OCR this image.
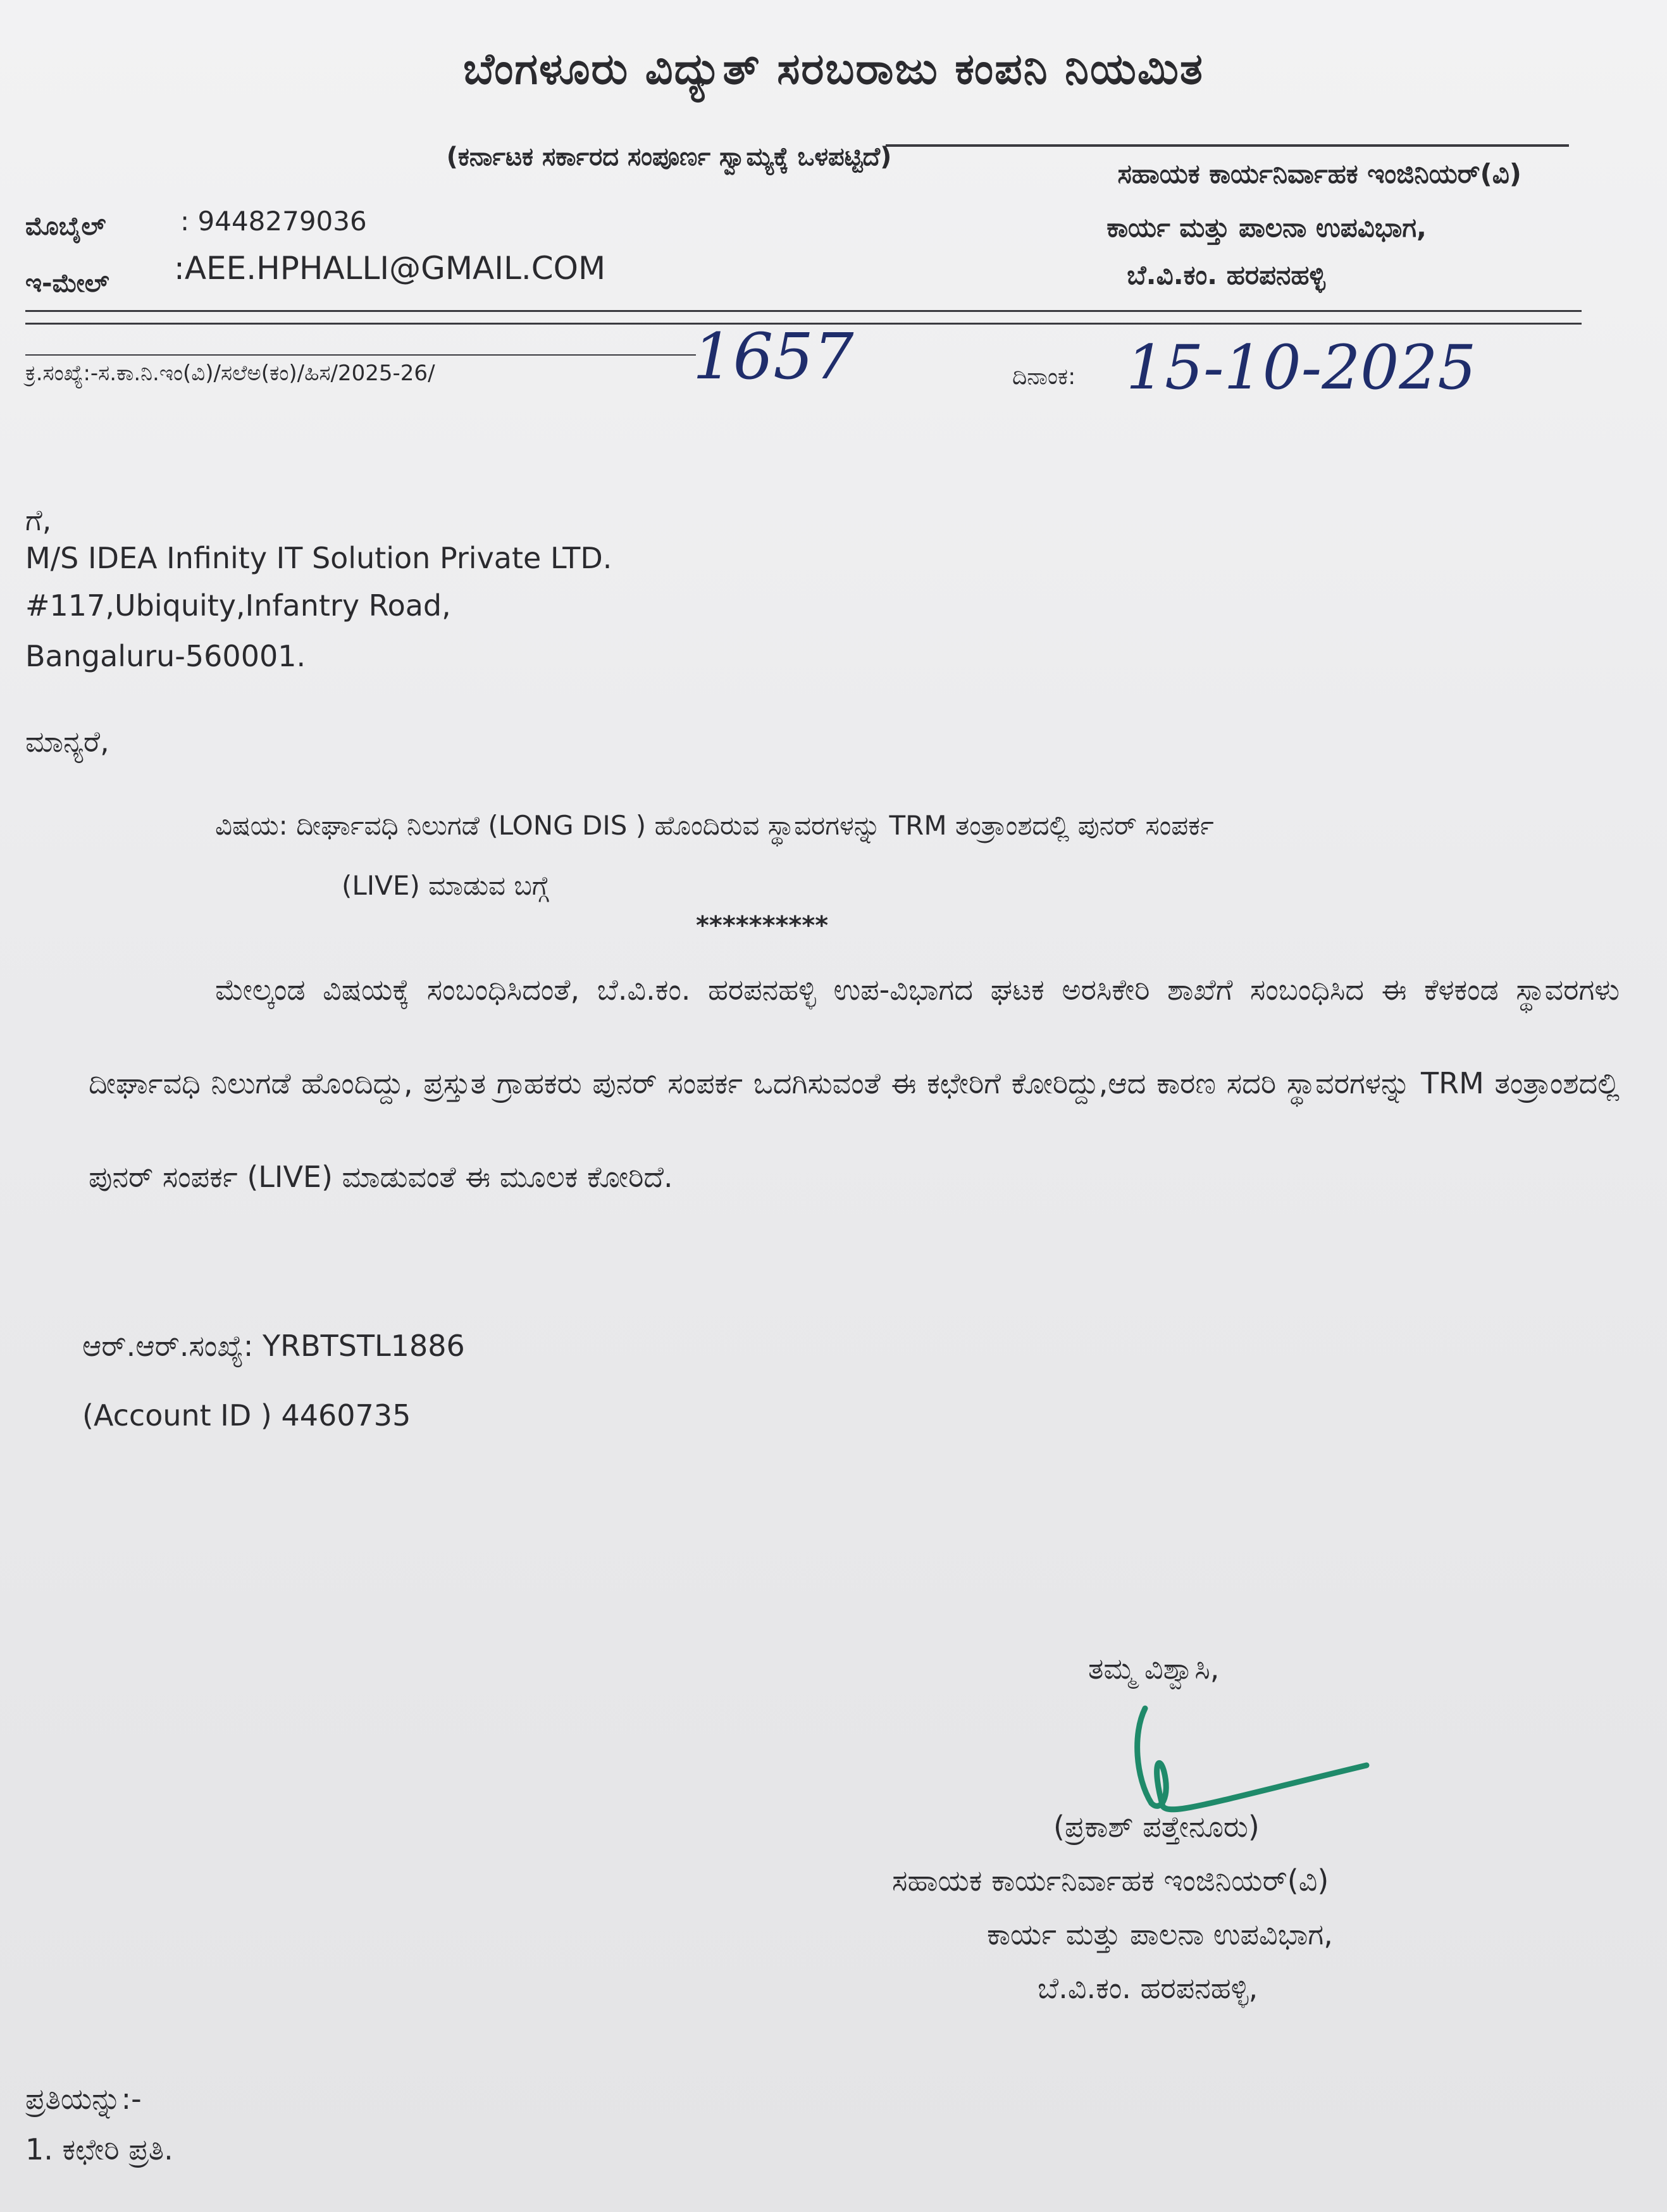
ಬೆಂಗಳೂರು ವಿದ್ಯುತ್ ಸರಬರಾಜು ಕಂಪನಿ ನಿಯಮಿತ
(ಕರ್ನಾಟಕ ಸರ್ಕಾರದ ಸಂಪೂರ್ಣ ಸ್ವಾಮ್ಯಕ್ಕೆ ಒಳಪಟ್ಟಿದೆ)
ಮೊಬೈಲ್	: 9448279036
ಇ-ಮೇಲ್ :AEE.HPHALLI@GMAIL.COM
ಸಹಾಯಕ ಕಾರ್ಯನಿರ್ವಾಹಕ ಇಂಜಿನಿಯರ್(ವಿ)
ಕಾರ್ಯ ಮತ್ತು ಪಾಲನಾ ಉಪವಿಭಾಗ,
ಬೆ.ವಿ.ಕಂ. ಹರಪನಹಳ್ಳಿ
ಕ್ರ.ಸಂಖ್ಯೆ:-ಸ.ಕಾ.ನಿ.ಇಂ(ವಿ)/ಸಲೆಅ(ಕಂ)/ಹಿಸ/2025-26/	1657	ದಿನಾಂಕ: 15-10-2025
ಗೆ,
M/S IDEA Infinity IT Solution Private LTD.
#117,Ubiquity,Infantry Road,
Bangaluru-560001.
ಮಾನ್ಯರೆ,
ವಿಷಯ: ದೀರ್ಘಾವಧಿ ನಿಲುಗಡೆ (LONG DIS ) ಹೊಂದಿರುವ ಸ್ಥಾವರಗಳನ್ನು TRM ತಂತ್ರಾಂಶದಲ್ಲಿ ಪುನರ್ ಸಂಪರ್ಕ
(LIVE) ಮಾಡುವ ಬಗ್ಗೆ
**********
ಮೇಲ್ಕಂಡ ವಿಷಯಕ್ಕೆ ಸಂಬಂಧಿಸಿದಂತೆ, ಬೆ.ವಿ.ಕಂ. ಹರಪನಹಳ್ಳಿ ಉಪ-ವಿಭಾಗದ ಘಟಕ ಅರಸಿಕೇರಿ ಶಾಖೆಗೆ ಸಂಬಂಧಿಸಿದ ಈ ಕೆಳಕಂಡ ಸ್ಥಾವರಗಳು ದೀರ್ಘಾವಧಿ ನಿಲುಗಡೆ ಹೊಂದಿದ್ದು, ಪ್ರಸ್ತುತ ಗ್ರಾಹಕರು ಪುನರ್ ಸಂಪರ್ಕ ಒದಗಿಸುವಂತೆ ಈ ಕಛೇರಿಗೆ ಕೋರಿದ್ದು,ಆದ ಕಾರಣ ಸದರಿ ಸ್ಥಾವರಗಳನ್ನು TRM ತಂತ್ರಾಂಶದಲ್ಲಿ ಪುನರ್ ಸಂಪರ್ಕ (LIVE) ಮಾಡುವಂತೆ ಈ ಮೂಲಕ ಕೋರಿದೆ.
ಆರ್.ಆರ್.ಸಂಖ್ಯೆ: YRBTSTL1886
(Account ID ) 4460735
ತಮ್ಮ ವಿಶ್ವಾಸಿ,
(ಪ್ರಕಾಶ್ ಪತ್ತೇನೂರು)
ಸಹಾಯಕ ಕಾರ್ಯನಿರ್ವಾಹಕ ಇಂಜಿನಿಯರ್(ವಿ)
ಕಾರ್ಯ ಮತ್ತು ಪಾಲನಾ ಉಪವಿಭಾಗ,
ಬೆ.ವಿ.ಕಂ. ಹರಪನಹಳ್ಳಿ,
ಪ್ರತಿಯನ್ನು:-
1. ಕಛೇರಿ ಪ್ರತಿ.
